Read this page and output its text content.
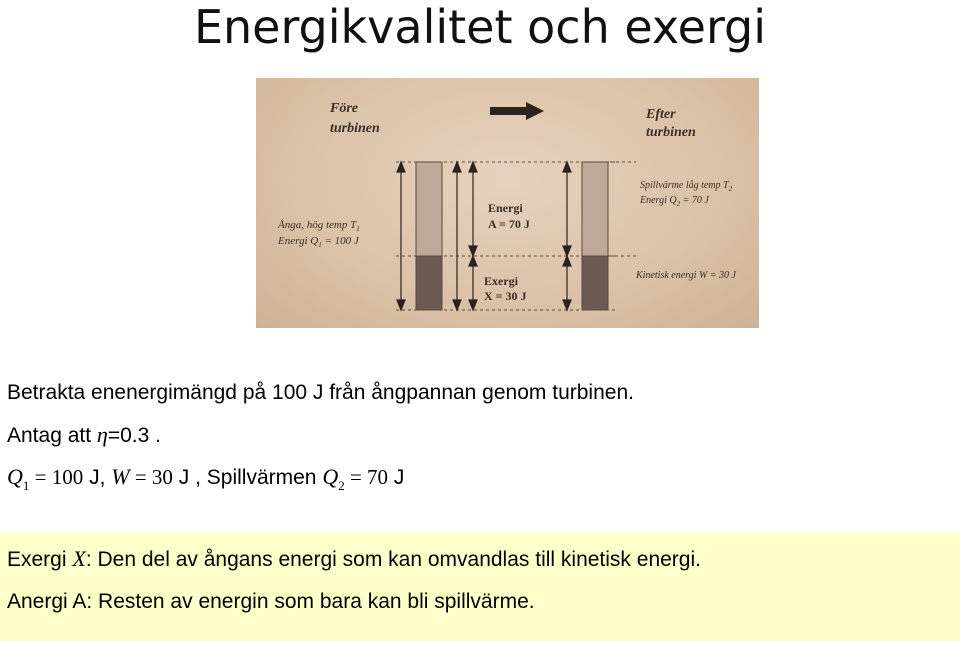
Energikvalitet och exergi
Före
turbinen
Efter
turbinen
Ånga, hög temp $T_1$
Energi $Q_1 = 100$ J
Energi
A = 70 J
Exergi
X = 30 J
Spillvärme låg temp $T_2$
Energi $Q_2 = 70$ J
Kinetisk energi W = 30 J
Betrakta enenergimängd på 100 J från ångpannan genom turbinen.
Antag att η=0.3 .
$Q_1 = 100$ J, W = 30 J , Spillvärmen $Q_2 = 70$ J
Exergi X: Den del av ångans energi som kan omvandlas till kinetisk energi.
Anergi A: Resten av energin som bara kan bli spillvärme.
